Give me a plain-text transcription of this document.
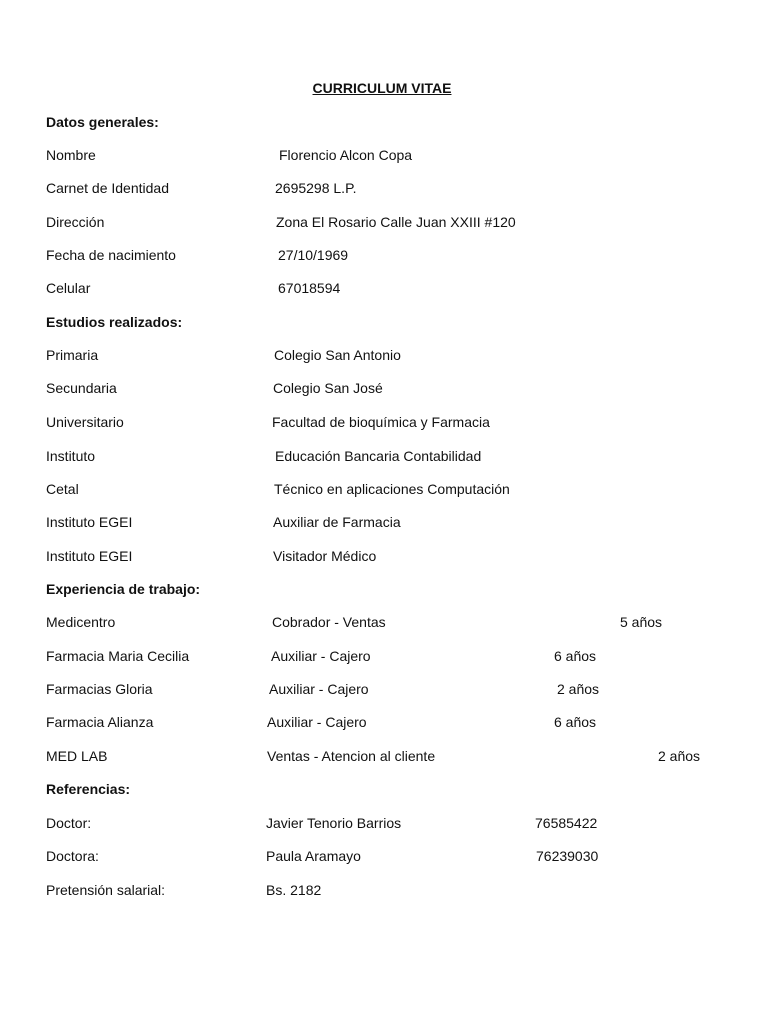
CURRICULUM VITAE
Datos generales:
Nombre	Florencio Alcon Copa
Carnet de Identidad	2695298 L.P.
Dirección	Zona El Rosario Calle Juan XXIII #120
Fecha de nacimiento	27/10/1969
Celular	67018594
Estudios realizados:
Primaria	Colegio San Antonio
Secundaria	Colegio San José
Universitario	Facultad de bioquímica y Farmacia
Instituto	Educación Bancaria Contabilidad
Cetal	Técnico en aplicaciones Computación
Instituto EGEI	Auxiliar de Farmacia
Instituto EGEI	Visitador Médico
Experiencia de trabajo:
Medicentro	Cobrador - Ventas	5 años
Farmacia Maria Cecilia	Auxiliar - Cajero	6 años
Farmacias Gloria	Auxiliar - Cajero	2 años
Farmacia Alianza	Auxiliar - Cajero	6 años
MED LAB	Ventas - Atencion al cliente	2 años
Referencias:
Doctor:	Javier Tenorio Barrios	76585422
Doctora:	Paula Aramayo	76239030
Pretensión salarial:	Bs. 2182
